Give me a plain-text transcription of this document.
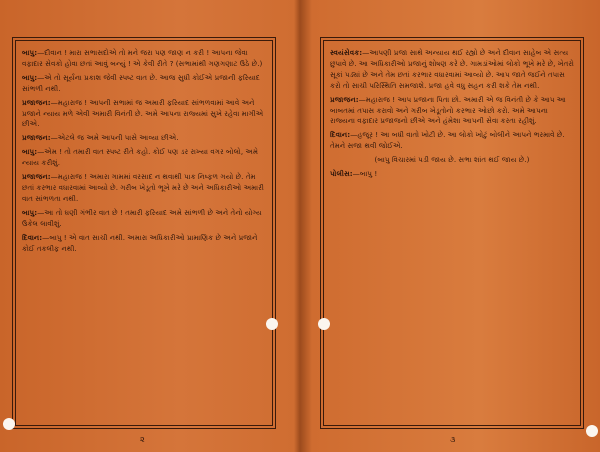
બાપુ:—દીવાન ! મારા સભાસદોએ તો મને જરા પણ જાણ ન કરી ! આપના જેવા વફાદાર સેવકો હોવા છતાં આવું બન્યું ! એ કેવી રીતે ? (સભામાંથી ગણગણાટ ઉઠે છે.)

બાપુ:—એ તો સૂર્યના પ્રકાશ જેવી સ્પષ્ટ વાત છે. આજ સુધી કોઈએ પ્રજાની ફરિયાદ સાંભળી નથી.

પ્રજાજન:—મહારાજ ! આપની સભામાં જ અમારી ફરિયાદ સાંભળવામાં આવે અને પ્રજાને ન્યાય મળે એવી અમારી વિનંતી છે. અમે આપના રાજ્યમાં સુખે રહેવા માગીએ છીએ.

પ્રજાજન:—એટલે જ અમે આપની પાસે આવ્યા છીએ.

બાપુ:—એમ ! તો તમારી વાત સ્પષ્ટ રીતે કહો. કોઈ પણ ડર રાખ્યા વગર બોલો, અમે ન્યાય કરીશું.

પ્રજાજન:—મહારાજ ! અમારા ગામમાં વરસાદ ન થવાથી પાક નિષ્ફળ ગયો છે. તેમ છતાં કરભાર વધારવામાં આવ્યો છે. ગરીબ ખેડૂતો ભૂખે મરે છે અને અધિકારીઓ અમારી વાત સાંભળતા નથી.

બાપુ:—આ તો ઘણી ગંભીર વાત છે ! તમારી ફરિયાદ અમે સાંભળી છે અને તેનો યોગ્ય ઉકેલ લાવીશું.

દિવાન:—બાપુ ! એ વાત સાચી નથી. અમારા અધિકારીઓ પ્રામાણિક છે અને પ્રજાને કોઈ તકલીફ નથી.

૨

સ્વયંસેવક:—આપણી પ્રજા સાથે અન્યાય થઈ રહ્યો છે અને દીવાન સાહેબ એ સત્ય છુપાવે છે. આ અધિકારીઓ પ્રજાનું શોષણ કરે છે. ગામડાંઓમાં લોકો ભૂખે મરે છે, ખેતરો સૂકાં પડ્યાં છે અને તેમ છતાં કરભાર વધારવામાં આવ્યો છે. આપ જાતે જઈને તપાસ કરો તો સાચી પરિસ્થિતિ સમજાશે. પ્રજા હવે વધુ સહન કરી શકે તેમ નથી.

પ્રજાજન:—મહારાજ ! આપ પ્રજાના પિતા છો. અમારી એ જ વિનંતી છે કે આપ આ બાબતમાં તપાસ કરાવો અને ગરીબ ખેડૂતોનો કરભાર ઓછો કરો. અમે આપના રાજ્યના વફાદાર પ્રજાજનો છીએ અને હંમેશા આપની સેવા કરતા રહીશું.

દિવાન:—હજૂર ! આ બધી વાતો ખોટી છે. આ લોકો ખોટું બોલીને આપને ભરમાવે છે. તેમને સજા થવી જોઈએ.

(બાપુ વિચારમાં પડી જાય છે. સભા શાંત થઈ જાય છે.)

પોલીસ:—બાપુ !

૩
